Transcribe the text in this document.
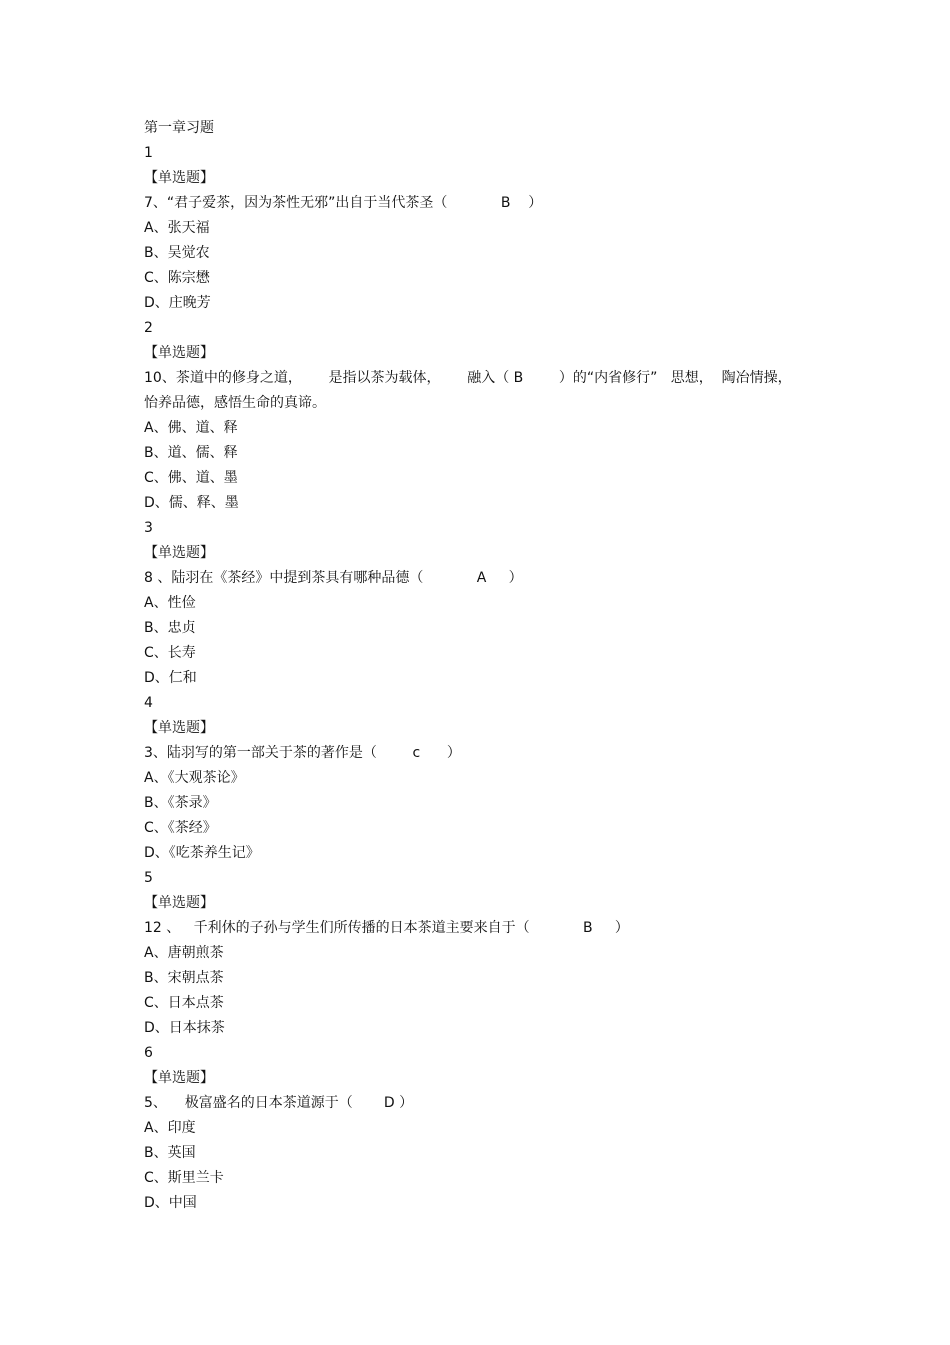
第一章习题
1
【单选题】
7、“君子爱茶，因为茶性无邪”出自于当代茶圣（            B    ）
A、张天福
B、吴觉农
C、陈宗懋
D、庄晚芳
2
【单选题】
10、茶道中的修身之道，      是指以茶为载体，      融入（ B        ）的“内省修行”   思想，  陶冶情操，
怡养品德，感悟生命的真谛。
A、佛、道、释
B、道、儒、释
C、佛、道、墨
D、儒、释、墨
3
【单选题】
8 、陆羽在《茶经》中提到茶具有哪种品德（            A     ）
A、性俭
B、忠贞
C、长寿
D、仁和
4
【单选题】
3、陆羽写的第一部关于茶的著作是（        c      ）
A、《大观茶论》
B、《茶录》
C、《茶经》
D、《吃茶养生记》
5
【单选题】
12 、   千利休的子孙与学生们所传播的日本茶道主要来自于（            B     ）
A、唐朝煎茶
B、宋朝点茶
C、日本点茶
D、日本抹茶
6
【单选题】
5、    极富盛名的日本茶道源于（       D ）
A、印度
B、英国
C、斯里兰卡
D、中国
